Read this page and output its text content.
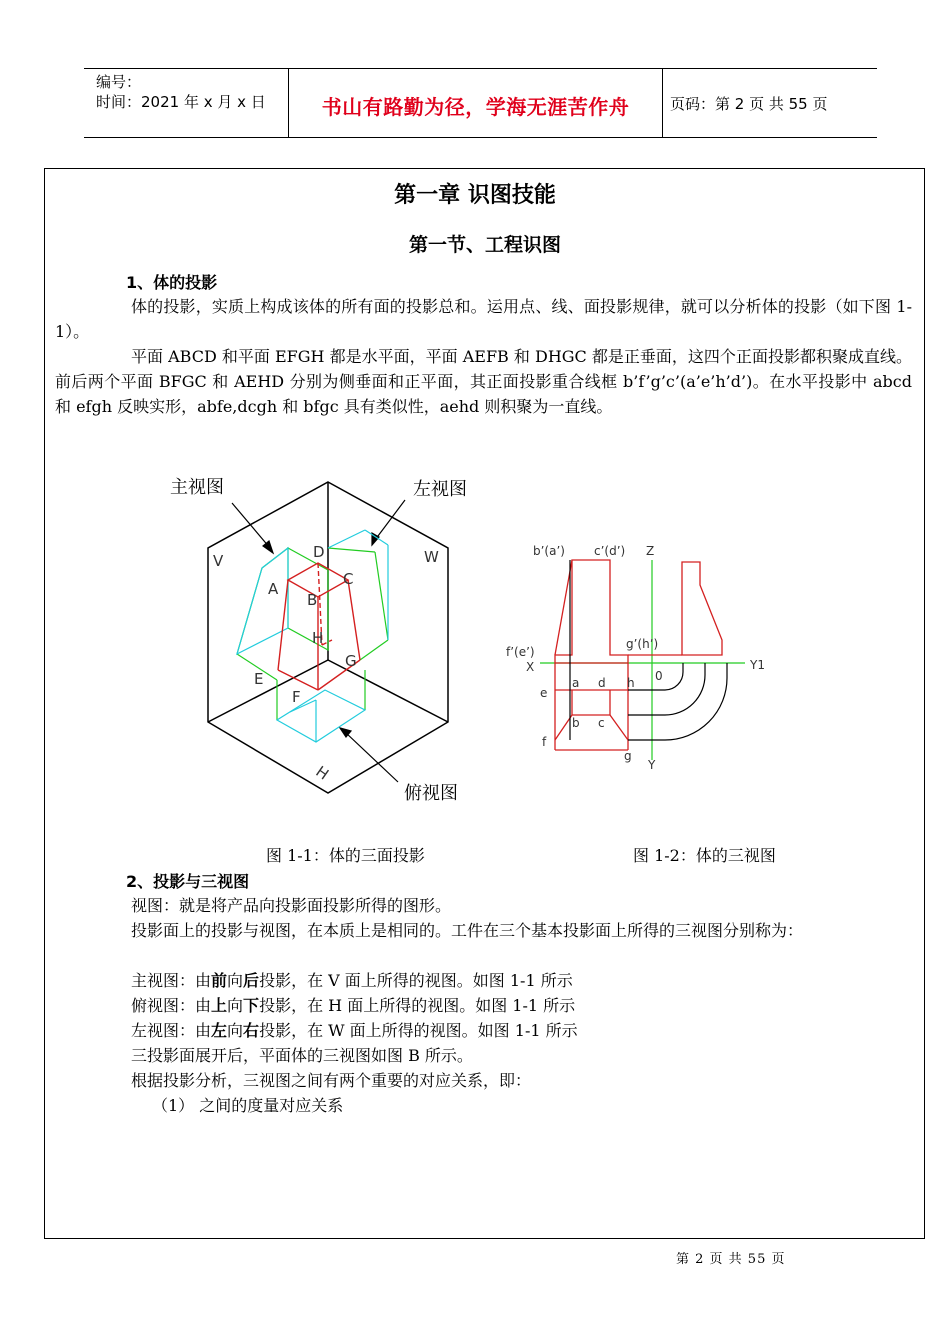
编号：
时间：2021 年 x 月 x 日	书山有路勤为径，学海无涯苦作舟	页码：第 2 页 共 55 页
第一章 识图技能
第一节、工程识图
1、体的投影
体的投影，实质上构成该体的所有面的投影总和。运用点、线、面投影规律，就可以分析体的投影（如下图 1-1）。
平面 ABCD 和平面 EFGH 都是水平面，平面 AEFB 和 DHGC 都是正垂面，这四个正面投影都积聚成直线。前后两个平面 BFGC 和 AEHD 分别为侧垂面和正平面，其正面投影重合线框 b’f’g’c’(a’e’h’d’)。在水平投影中 abcd 和 efgh 反映实形，abfe,dcgh 和 bfgc 具有类似性，aehd 则积聚为一直线。
V	W
H
D
A
B
C
H
G
E
F
主视图	左视图
俯视图
b’(a’) c’(d’) Z
f’(e’)
g’(h’)
X	Y1
e
a d h 0
b c
f
g
Y
图 1-1：体的三面投影	图 1-2：体的三视图
2、投影与三视图
视图：就是将产品向投影面投影所得的图形。
投影面上的投影与视图，在本质上是相同的。工件在三个基本投影面上所得的三视图分别称为：
主视图：由前向后投影，在 V 面上所得的视图。如图 1-1 所示
俯视图：由上向下投影，在 H 面上所得的视图。如图 1-1 所示
左视图：由左向右投影，在 W 面上所得的视图。如图 1-1 所示
三投影面展开后，平面体的三视图如图 B 所示。
根据投影分析，三视图之间有两个重要的对应关系，即：
（1） 之间的度量对应关系
第 2 页 共 55 页
